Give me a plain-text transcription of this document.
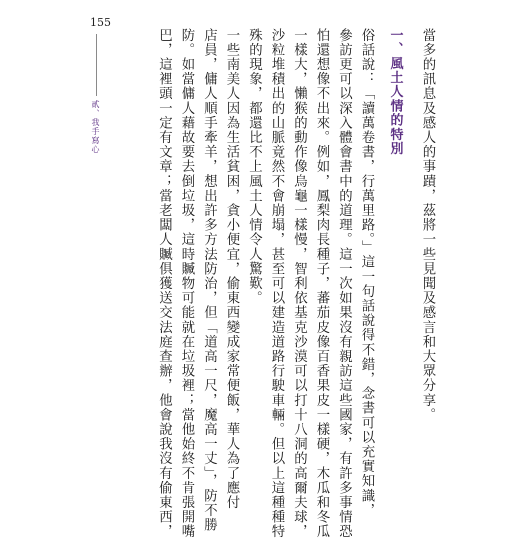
155
貳、我手寫心	當多的訊息及感人的事蹟，茲將一些見聞及感言和大眾分享。
一、風土人情的特別
俗話說：「讀萬卷書，行萬里路。」這一句話說得不錯，念書可以充實知識，
參訪更可以深入體會書中的道理。這一次如果沒有親訪這些國家，有許多事情恐
怕還想像不出來。例如，鳳梨肉長種子，蕃茄皮像百香果皮一樣硬，木瓜和冬瓜
一樣大，懶猴的動作像烏龜一樣慢，智利依基克沙漠可以打十八洞的高爾夫球，
沙粒堆積出的山脈竟然不會崩塌，甚至可以建造道路行駛車輛。但以上這種種特
殊的現象，都還比不上風土人情令人驚歎。
一些南美人因為生活貧困，貪小便宜，偷東西變成家常便飯，華人為了應付
店員，傭人順手牽羊，想出許多方法防治，但「道高一尺，魔高一丈」，防不勝
防。如當傭人藉故要去倒垃圾，這時贓物可能就在垃圾裡；當他始終不肯張開嘴
巴，這裡頭一定有文章；當老闆人贓俱獲送交法庭查辦，他會說我沒有偷東西，
